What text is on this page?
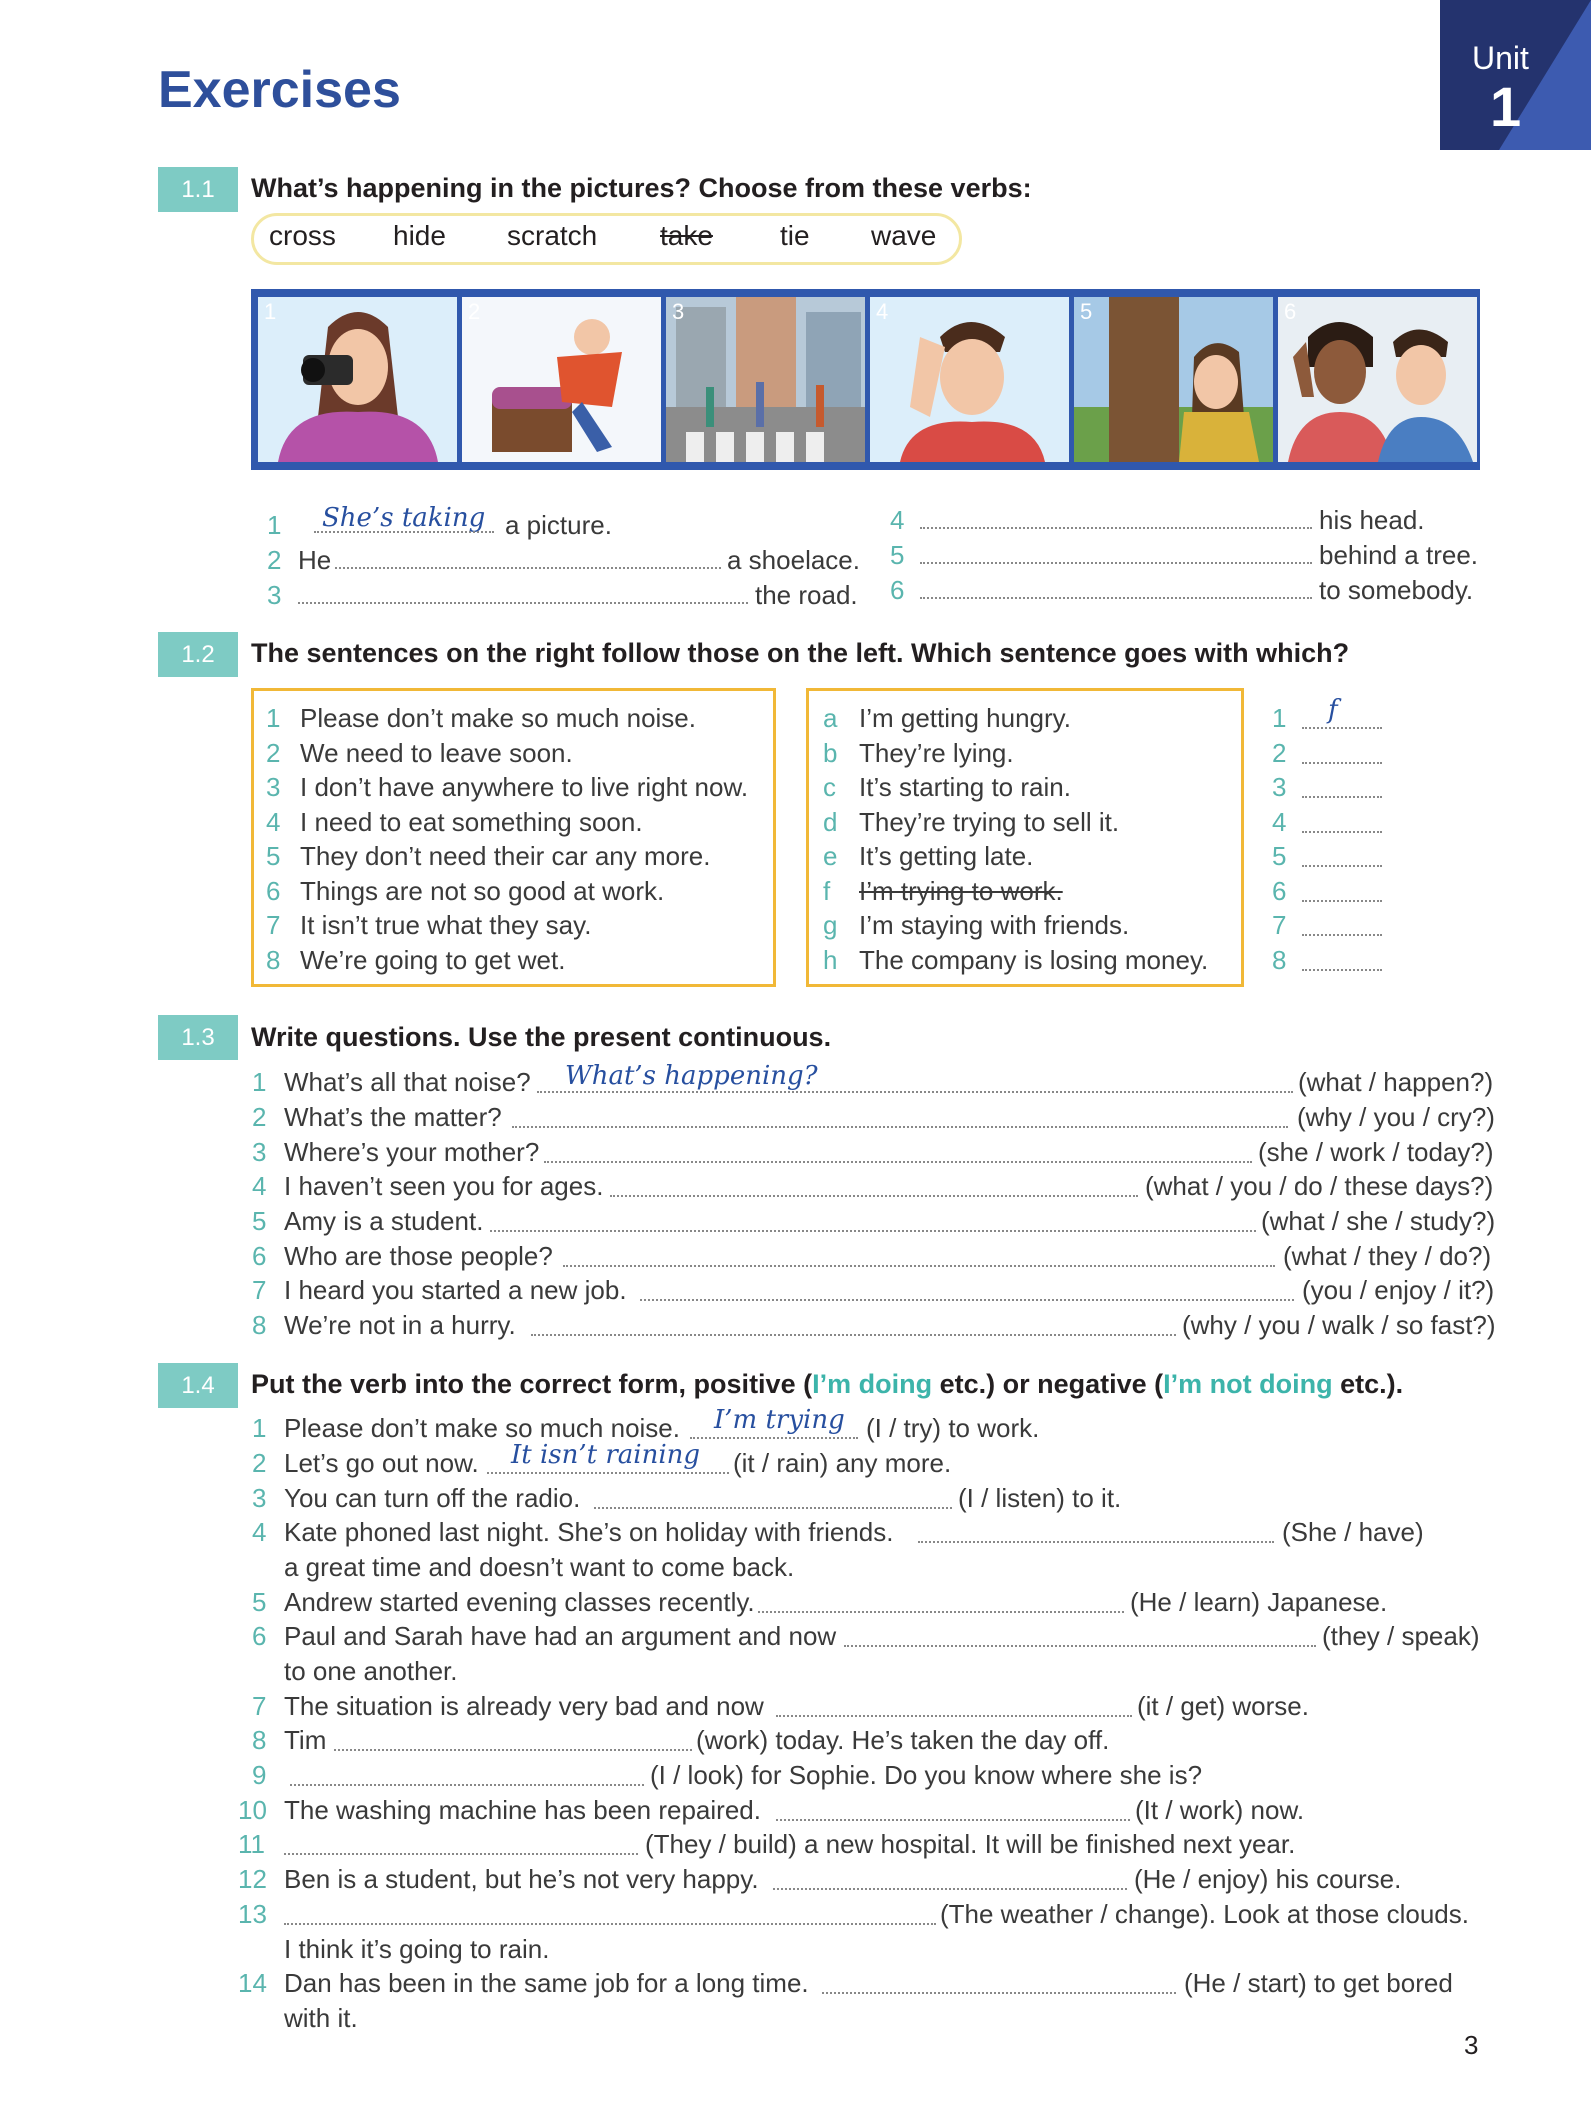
Exercises
Unit
1
1.1	What’s happening in the pictures? Choose from these verbs:
cross hide scratch take tie wave
1	2	3	4	5	6
1 She’s taking a picture.
2 He	a shoelace.
3	the road.
4	his head.
5	behind a tree.
6	to somebody.
1.2	The sentences on the right follow those on the left. Which sentence goes with which?
1.3	Write questions. Use the present continuous.
1.4	Put the verb into the correct form, positive (I’m doing etc.) or negative (I’m not doing etc.).
3
1 Please don’t make so much noise.	a I’m getting hungry.	1 f
2 We need to leave soon.	b They’re lying.	2
3 I don’t have anywhere to live right now.	c It’s starting to rain.	3
4 I need to eat something soon.	d They’re trying to sell it.	4
5 They don’t need their car any more.	e It’s getting late.	5
6 Things are not so good at work.	f I’m trying to work.	6
7 It isn’t true what they say.	g I’m staying with friends.	7
8 We’re going to get wet.	h The company is losing money. 8
1 What’s all that noise? What’s happening?	(what / happen?)
2 What’s the matter?	(why / you / cry?)
3 Where’s your mother?	(she / work / today?)
4 I haven’t seen you for ages.	(what / you / do / these days?)
5 Amy is a student.	(what / she / study?)
6 Who are those people?	(what / they / do?)
7 I heard you started a new job.	(you / enjoy / it?)
8 We’re not in a hurry.	(why / you / walk / so fast?)
1 Please don’t make so much noise. I’m trying (I / try) to work.
2 Let’s go out now. It isn’t raining (it / rain) any more.
3 You can turn off the radio.	(I / listen) to it.
4 Kate phoned last night. She’s on holiday with friends.	(She / have)
a great time and doesn’t want to come back.
5 Andrew started evening classes recently.	(He / learn) Japanese.
6 Paul and Sarah have had an argument and now	(they / speak)
to one another.
7 The situation is already very bad and now	(it / get) worse.
8 Tim	(work) today. He’s taken the day off.
9	(I / look) for Sophie. Do you know where she is?
10 The washing machine has been repaired.	(It / work) now.
11	(They / build) a new hospital. It will be finished next year.
12 Ben is a student, but he’s not very happy.	(He / enjoy) his course.
13	(The weather / change). Look at those clouds.
I think it’s going to rain.
14 Dan has been in the same job for a long time.	(He / start) to get bored
with it.
